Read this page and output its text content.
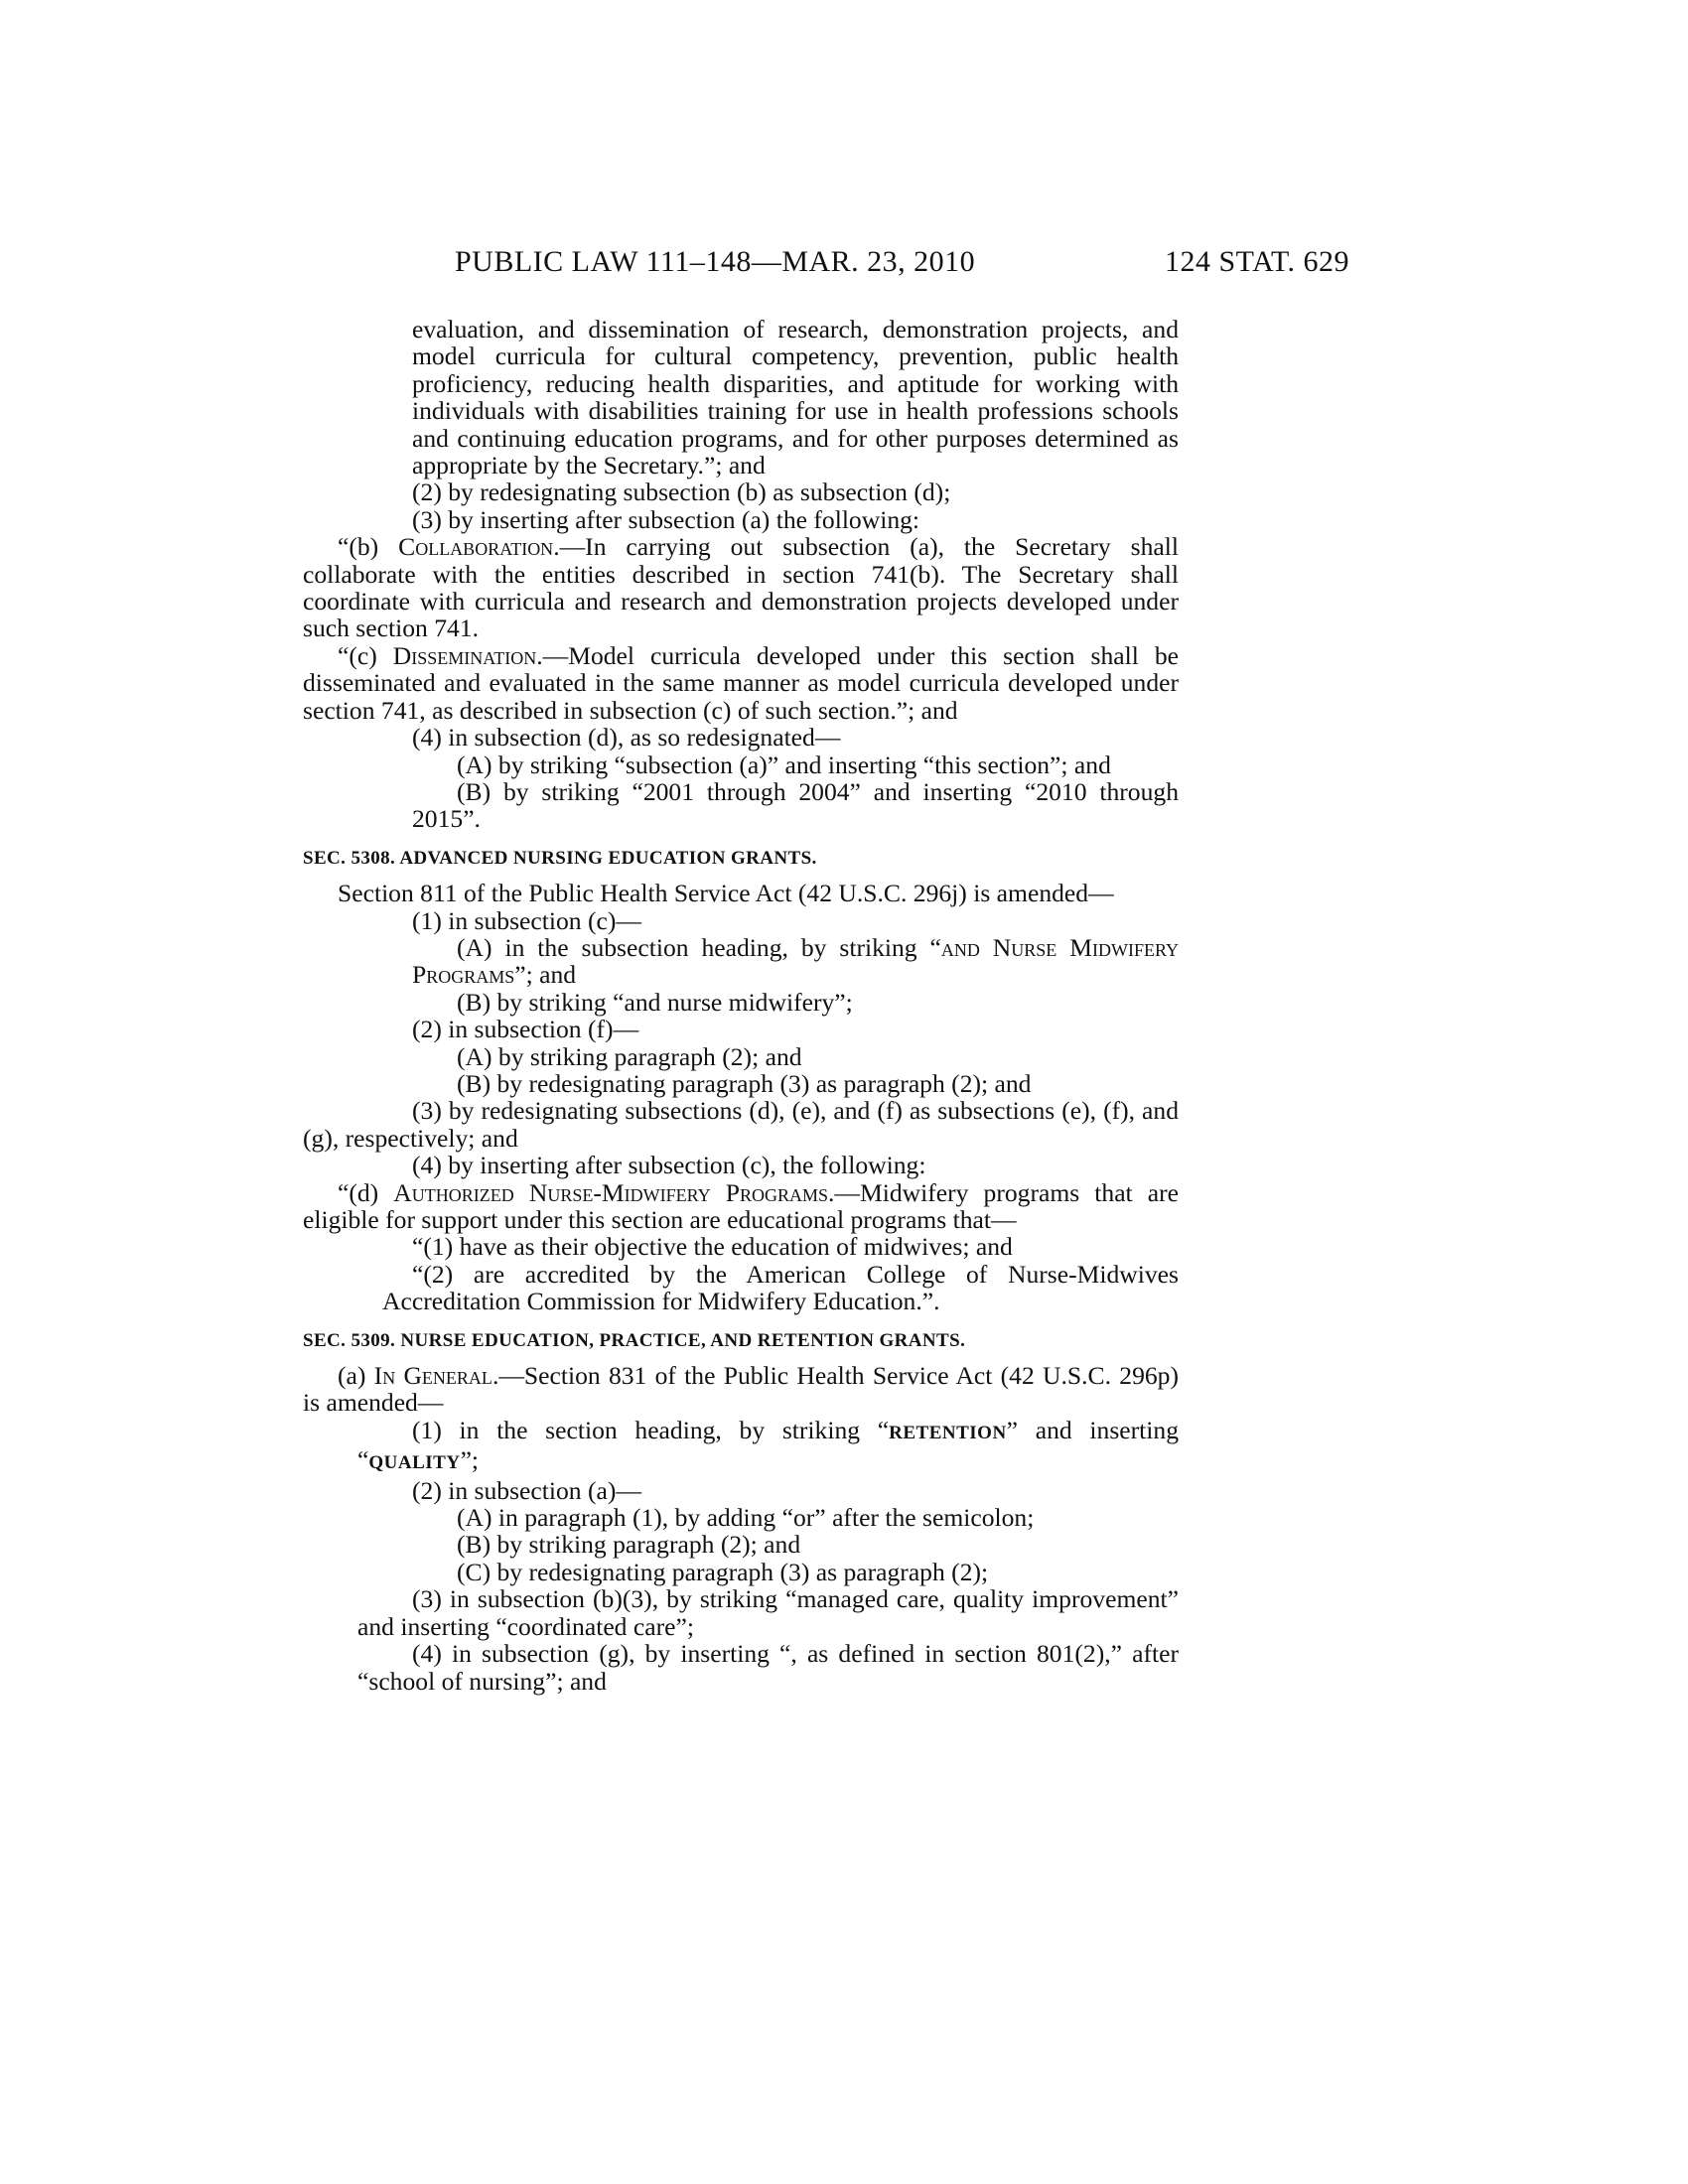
PUBLIC LAW 111–148—MAR. 23, 2010	124 STAT. 629

evaluation, and dissemination of research, demonstration projects, and model curricula for cultural competency, prevention, public health proficiency, reducing health disparities, and aptitude for working with individuals with disabilities training for use in health professions schools and continuing education programs, and for other purposes determined as appropriate by the Secretary.”; and

(2) by redesignating subsection (b) as subsection (d);

(3) by inserting after subsection (a) the following:

“(b) Collaboration.—In carrying out subsection (a), the Secretary shall collaborate with the entities described in section 741(b). The Secretary shall coordinate with curricula and research and demonstration projects developed under such section 741.

“(c) Dissemination.—Model curricula developed under this section shall be disseminated and evaluated in the same manner as model curricula developed under section 741, as described in subsection (c) of such section.”; and

(4) in subsection (d), as so redesignated—

(A) by striking “subsection (a)” and inserting “this section”; and

(B) by striking “2001 through 2004” and inserting “2010 through 2015”.

SEC. 5308. ADVANCED NURSING EDUCATION GRANTS.

Section 811 of the Public Health Service Act (42 U.S.C. 296j) is amended—

(1) in subsection (c)—

(A) in the subsection heading, by striking “and Nurse Midwifery Programs”; and

(B) by striking “and nurse midwifery”;

(2) in subsection (f)—

(A) by striking paragraph (2); and

(B) by redesignating paragraph (3) as paragraph (2); and

(3) by redesignating subsections (d), (e), and (f) as subsections (e), (f), and (g), respectively; and

(4) by inserting after subsection (c), the following:

“(d) Authorized Nurse-Midwifery Programs.—Midwifery programs that are eligible for support under this section are educational programs that—

“(1) have as their objective the education of midwives; and

“(2) are accredited by the American College of Nurse-Midwives Accreditation Commission for Midwifery Education.”.

SEC. 5309. NURSE EDUCATION, PRACTICE, AND RETENTION GRANTS.

(a) In General.—Section 831 of the Public Health Service Act (42 U.S.C. 296p) is amended—

(1) in the section heading, by striking “RETENTION” and inserting “QUALITY”;

(2) in subsection (a)—

(A) in paragraph (1), by adding “or” after the semicolon;

(B) by striking paragraph (2); and

(C) by redesignating paragraph (3) as paragraph (2);

(3) in subsection (b)(3), by striking “managed care, quality improvement” and inserting “coordinated care”;

(4) in subsection (g), by inserting “, as defined in section 801(2),” after “school of nursing”; and
